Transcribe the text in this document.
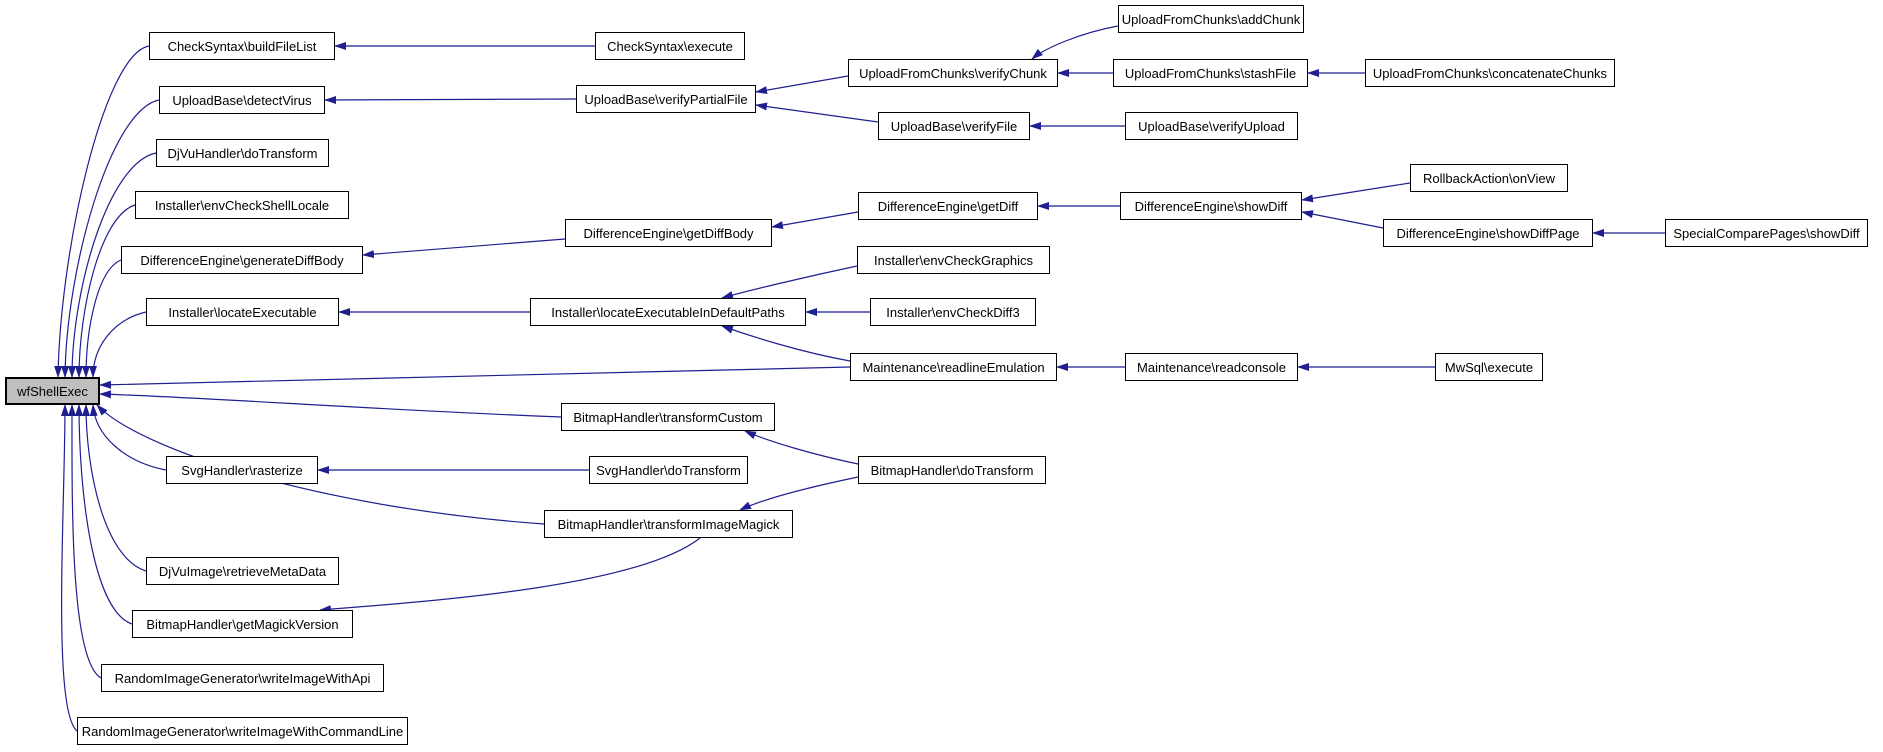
wfShellExec
CheckSyntax\buildFileList	CheckSyntax\execute
UploadFromChunks\addChunk
UploadFromChunks\verifyChunk	UploadFromChunks\stashFile	UploadFromChunks\concatenateChunks
UploadBase\detectVirus	UploadBase\verifyPartialFile
UploadBase\verifyFile	UploadBase\verifyUpload
DjVuHandler\doTransform
RollbackAction\onView
Installer\envCheckShellLocale	DifferenceEngine\getDiff	DifferenceEngine\showDiff
DifferenceEngine\getDiffBody	DifferenceEngine\showDiffPage	SpecialComparePages\showDiff
DifferenceEngine\generateDiffBody	Installer\envCheckGraphics
Installer\locateExecutable	Installer\locateExecutableInDefaultPaths	Installer\envCheckDiff3
Maintenance\readlineEmulation	Maintenance\readconsole	MwSql\execute
BitmapHandler\transformCustom
SvgHandler\rasterize	SvgHandler\doTransform	BitmapHandler\doTransform
BitmapHandler\transformImageMagick
DjVuImage\retrieveMetaData
BitmapHandler\getMagickVersion
RandomImageGenerator\writeImageWithApi
RandomImageGenerator\writeImageWithCommandLine
